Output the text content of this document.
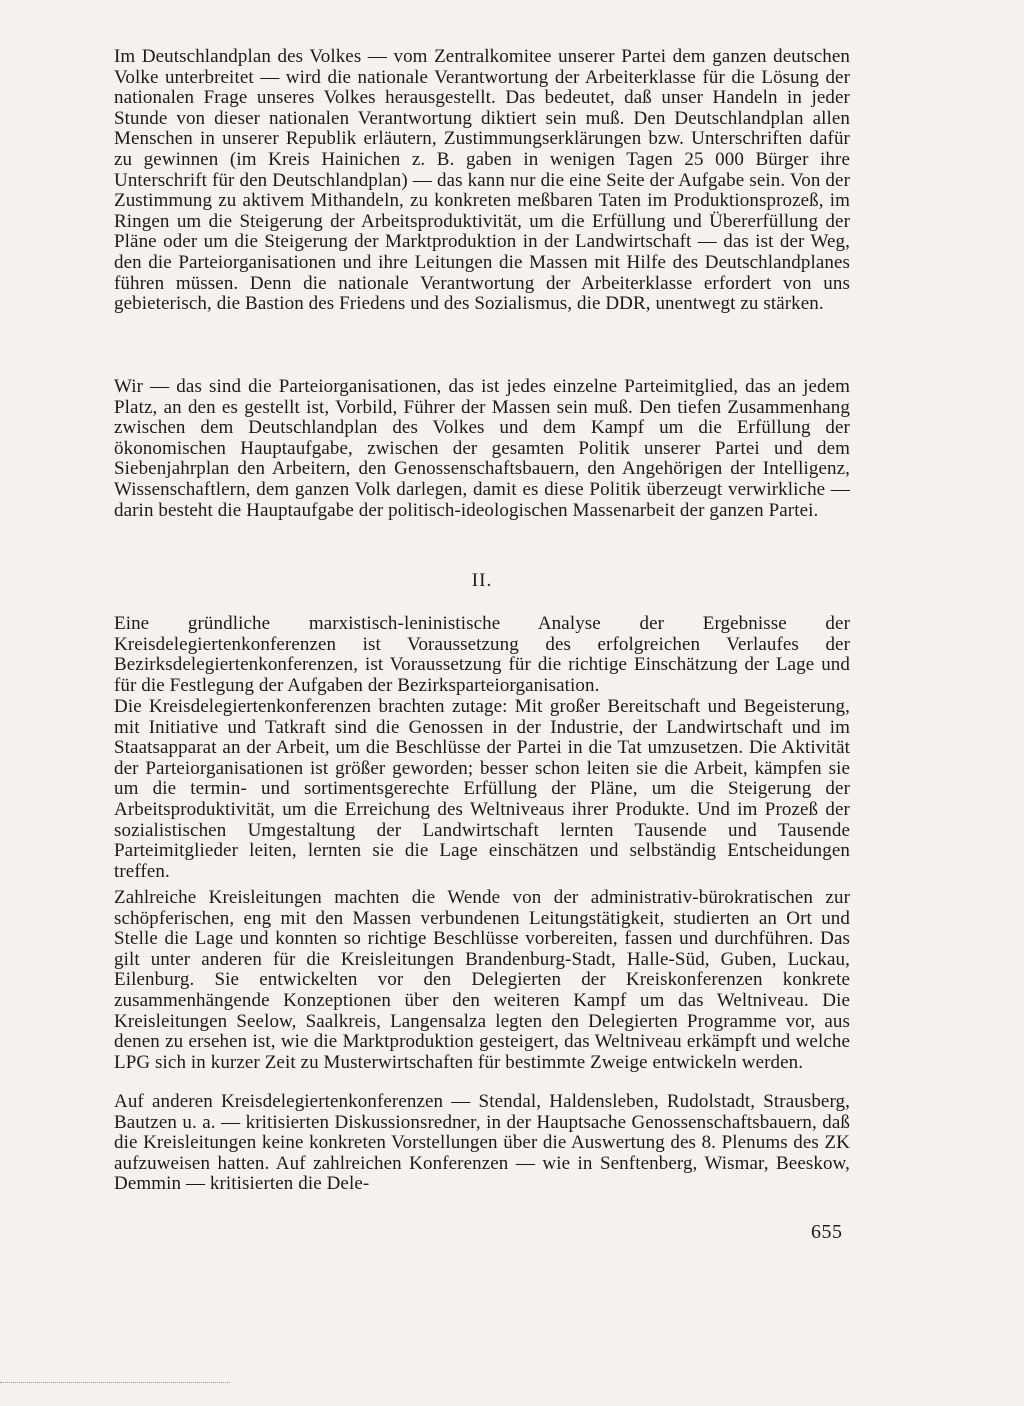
Im Deutschlandplan des Volkes — vom Zentralkomitee unserer Partei dem ganzen deutschen Volke unterbreitet — wird die nationale Verantwortung der Arbeiterklasse für die Lösung der nationalen Frage unseres Volkes herausgestellt. Das bedeutet, daß unser Handeln in jeder Stunde von dieser nationalen Verantwortung diktiert sein muß. Den Deutschlandplan allen Menschen in unserer Republik erläutern, Zustimmungserklärungen bzw. Unterschriften dafür zu gewinnen (im Kreis Hainichen z. B. gaben in wenigen Tagen 25 000 Bürger ihre Unterschrift für den Deutschlandplan) — das kann nur die eine Seite der Aufgabe sein. Von der Zustimmung zu aktivem Mithandeln, zu konkreten meßbaren Taten im Produktionsprozeß, im Ringen um die Steigerung der Arbeitsproduktivität, um die Erfüllung und Übererfüllung der Pläne oder um die Steigerung der Marktproduktion in der Landwirtschaft — das ist der Weg, den die Parteiorganisationen und ihre Leitungen die Massen mit Hilfe des Deutschlandplanes führen müssen. Denn die nationale Verantwortung der Arbeiterklasse erfordert von uns gebieterisch, die Bastion des Friedens und des Sozialismus, die DDR, unentwegt zu stärken.

Wir — das sind die Parteiorganisationen, das ist jedes einzelne Parteimitglied, das an jedem Platz, an den es gestellt ist, Vorbild, Führer der Massen sein muß. Den tiefen Zusammenhang zwischen dem Deutschlandplan des Volkes und dem Kampf um die Erfüllung der ökonomischen Hauptaufgabe, zwischen der gesamten Politik unserer Partei und dem Siebenjahrplan den Arbeitern, den Genossenschaftsbauern, den Angehörigen der Intelligenz, Wissenschaftlern, dem ganzen Volk darlegen, damit es diese Politik überzeugt verwirkliche — darin besteht die Hauptaufgabe der politisch-ideologischen Massenarbeit der ganzen Partei.

II.

Eine gründliche marxistisch-leninistische Analyse der Ergebnisse der Kreisdelegiertenkonferenzen ist Voraussetzung des erfolgreichen Verlaufes der Bezirksdelegiertenkonferenzen, ist Voraussetzung für die richtige Einschätzung der Lage und für die Festlegung der Aufgaben der Bezirksparteiorganisation.

Die Kreisdelegiertenkonferenzen brachten zutage: Mit großer Bereitschaft und Begeisterung, mit Initiative und Tatkraft sind die Genossen in der Industrie, der Landwirtschaft und im Staatsapparat an der Arbeit, um die Beschlüsse der Partei in die Tat umzusetzen. Die Aktivität der Parteiorganisationen ist größer geworden; besser schon leiten sie die Arbeit, kämpfen sie um die termin- und sortimentsgerechte Erfüllung der Pläne, um die Steigerung der Arbeitsproduktivität, um die Erreichung des Weltniveaus ihrer Produkte. Und im Prozeß der sozialistischen Umgestaltung der Landwirtschaft lernten Tausende und Tausende Parteimitglieder leiten, lernten sie die Lage einschätzen und selbständig Entscheidungen treffen.

Zahlreiche Kreisleitungen machten die Wende von der administrativ-bürokratischen zur schöpferischen, eng mit den Massen verbundenen Leitungstätigkeit, studierten an Ort und Stelle die Lage und konnten so richtige Beschlüsse vorbereiten, fassen und durchführen. Das gilt unter anderen für die Kreisleitungen Brandenburg-Stadt, Halle-Süd, Guben, Luckau, Eilenburg. Sie entwickelten vor den Delegierten der Kreiskonferenzen konkrete zusammenhängende Konzeptionen über den weiteren Kampf um das Weltniveau. Die Kreisleitungen Seelow, Saalkreis, Langensalza legten den Delegierten Programme vor, aus denen zu ersehen ist, wie die Marktproduktion gesteigert, das Weltniveau erkämpft und welche LPG sich in kurzer Zeit zu Musterwirtschaften für bestimmte Zweige entwickeln werden.

Auf anderen Kreisdelegiertenkonferenzen — Stendal, Haldensleben, Rudolstadt, Strausberg, Bautzen u. a. — kritisierten Diskussionsredner, in der Hauptsache Genossenschaftsbauern, daß die Kreisleitungen keine konkreten Vorstellungen über die Auswertung des 8. Plenums des ZK aufzuweisen hatten. Auf zahlreichen Konferenzen — wie in Senftenberg, Wismar, Beeskow, Demmin — kritisierten die Dele-

655
